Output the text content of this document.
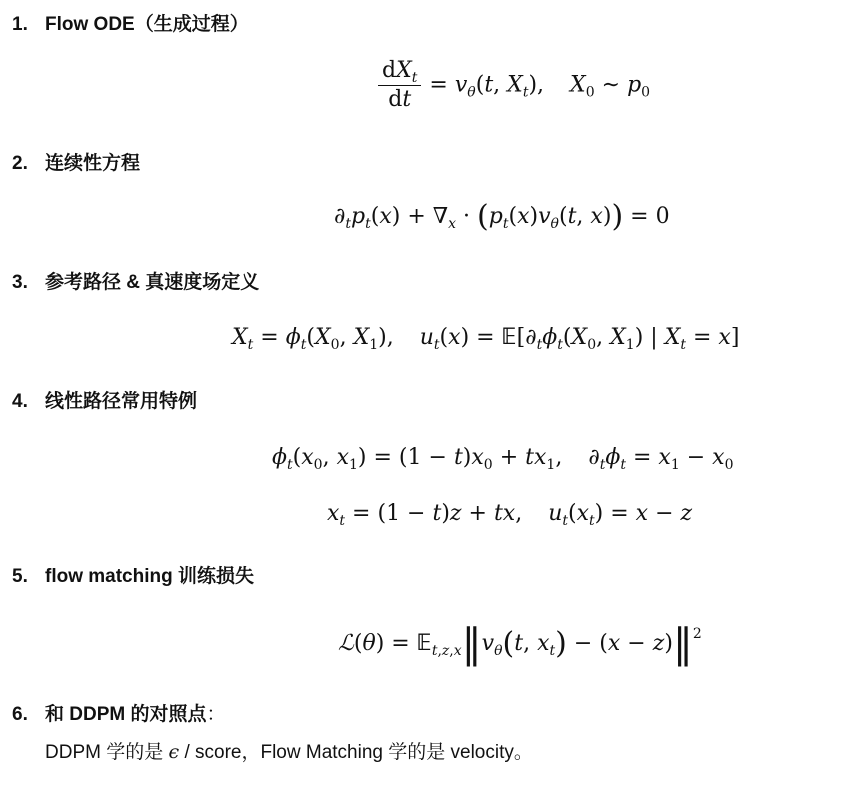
1. Flow ODE（生成过程）
$\frac{dX_t}{dt} = v_\theta(t$, $X_t$), $X_0$ ∼ $p_0$
2. 连续性方程
$\partial_tp_t(x) + \nabla_x \cdot (p_t(x)v_\theta(t$, x)) = 0
3. 参考路径 & 真速度场定义
$X_t = \phi_t(X_0$, $X_1$), $u_t(x)$ = $𝔼[\partial_t\phi_t(X_0$, $X_1$) | $X_t = x$]
4. 线性路径常用特例
$\phi_t(x_0$, $x_1) = (1 - t)x_0 + tx_1$, $\partial_t\phi_t = x_1 - x_0$
$x_t = (1 - t)z$ + tx, $u_t(x_t) = x - z$
5. flow matching 训练损失
ℒ(θ) = $𝔼_{t,z,x}‖v_\theta(t$, $x_t) - (x$ − z)‖$^2$
6. 和 DDPM 的对照点：
DDPM 学的是 ϵ / score，Flow Matching 学的是 velocity。
